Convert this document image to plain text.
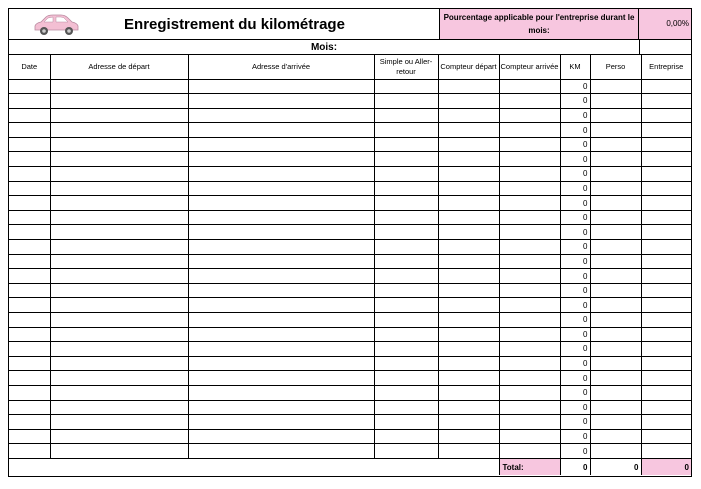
Enregistrement du kilométrage	Pourcentage applicable pour l'entreprise durant le mois:
0,00%
Mois:
Date	Adresse de départ	Adresse d'arrivée	Simple ou Aller-retour	Compteur départ	Compteur arrivée	KM	Perso	Entreprise
						0		
						0		
						0		
						0		
						0		
						0		
						0		
						0		
						0		
						0		
						0		
						0		
						0		
						0		
						0		
						0		
						0		
						0		
						0		
						0		
						0		
						0		
						0		
						0		
						0		
						0		
					Total:	0	0	0
